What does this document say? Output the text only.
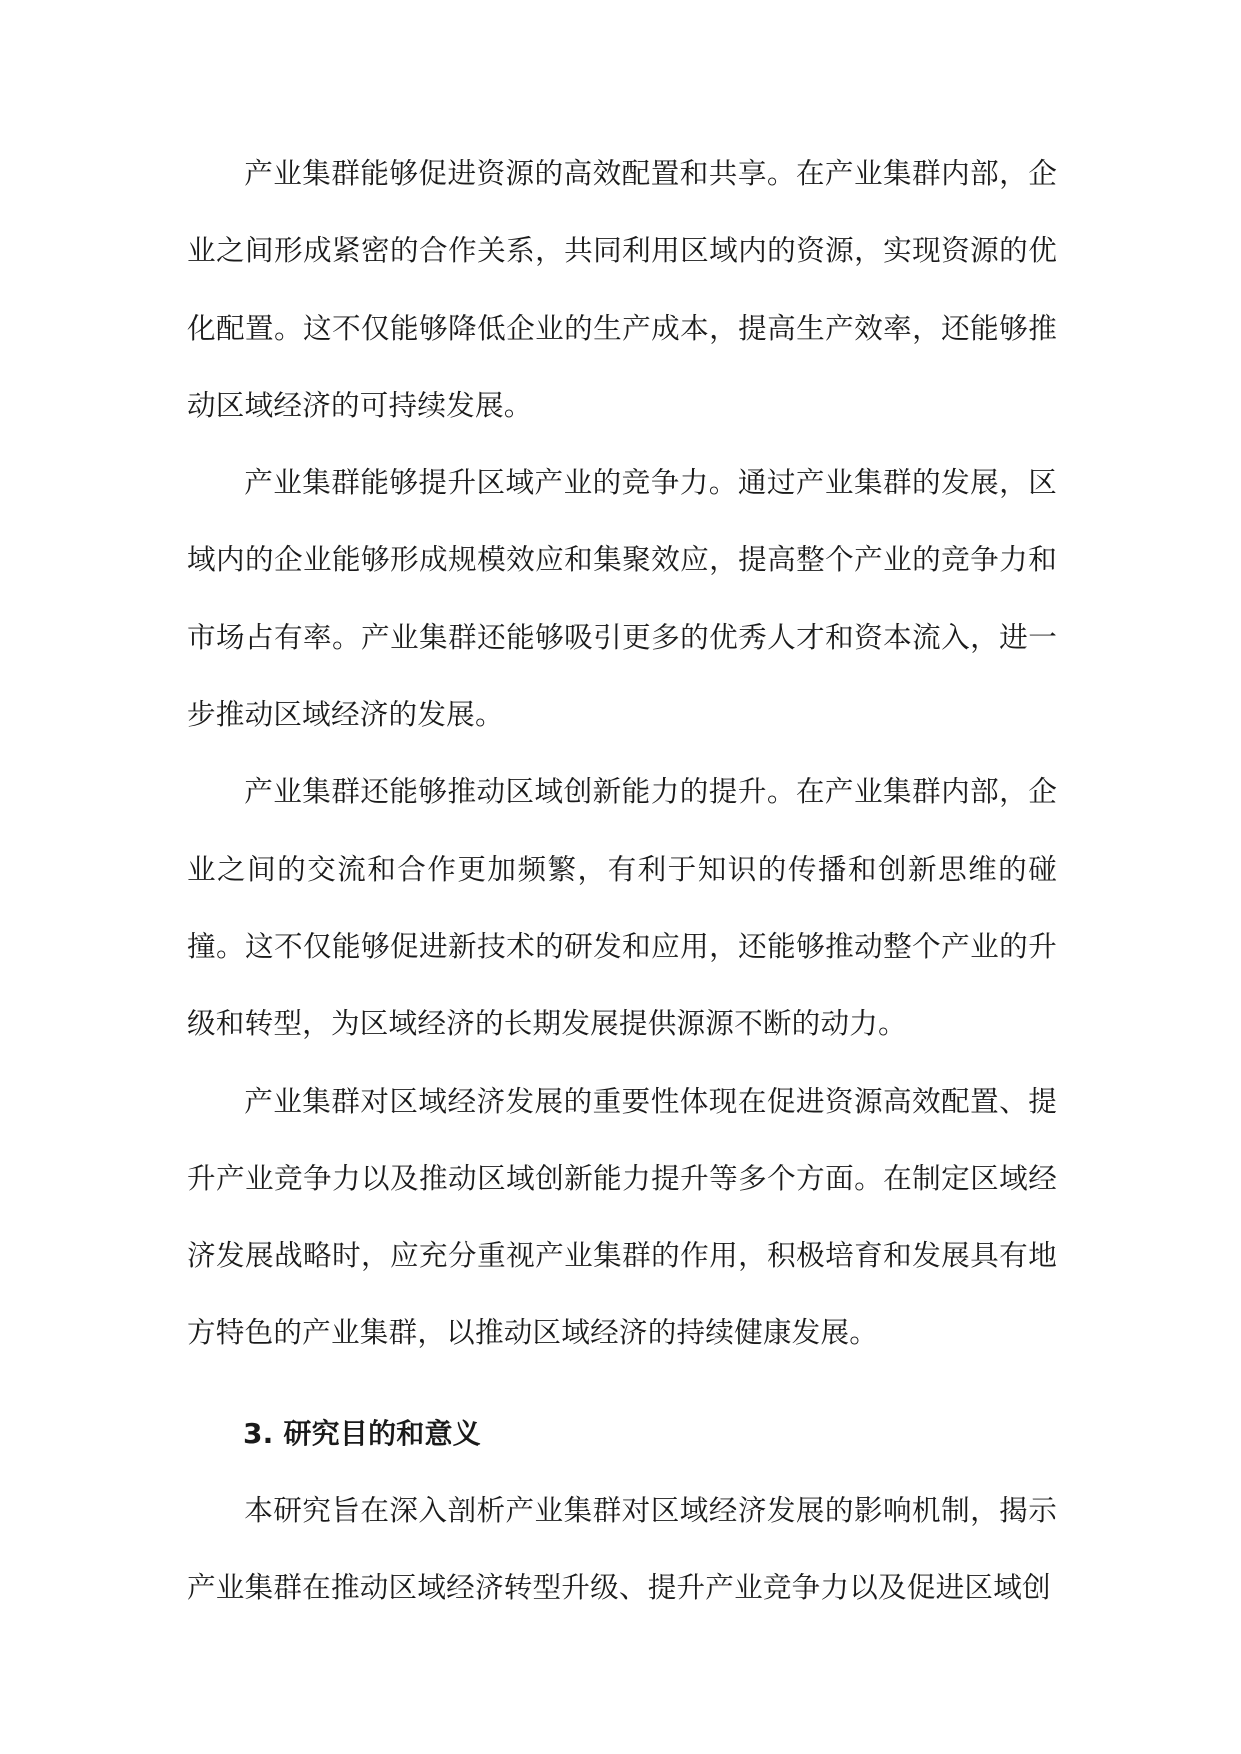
产业集群能够促进资源的高效配置和共享。在产业集群内部，企业之间形成紧密的合作关系，共同利用区域内的资源，实现资源的优化配置。这不仅能够降低企业的生产成本，提高生产效率，还能够推动区域经济的可持续发展。

产业集群能够提升区域产业的竞争力。通过产业集群的发展，区域内的企业能够形成规模效应和集聚效应，提高整个产业的竞争力和市场占有率。产业集群还能够吸引更多的优秀人才和资本流入，进一步推动区域经济的发展。

产业集群还能够推动区域创新能力的提升。在产业集群内部，企业之间的交流和合作更加频繁，有利于知识的传播和创新思维的碰撞。这不仅能够促进新技术的研发和应用，还能够推动整个产业的升级和转型，为区域经济的长期发展提供源源不断的动力。

产业集群对区域经济发展的重要性体现在促进资源高效配置、提升产业竞争力以及推动区域创新能力提升等多个方面。在制定区域经济发展战略时，应充分重视产业集群的作用，积极培育和发展具有地方特色的产业集群，以推动区域经济的持续健康发展。

3. 研究目的和意义

本研究旨在深入剖析产业集群对区域经济发展的影响机制，揭示产业集群在推动区域经济转型升级、提升产业竞争力以及促进区域创
